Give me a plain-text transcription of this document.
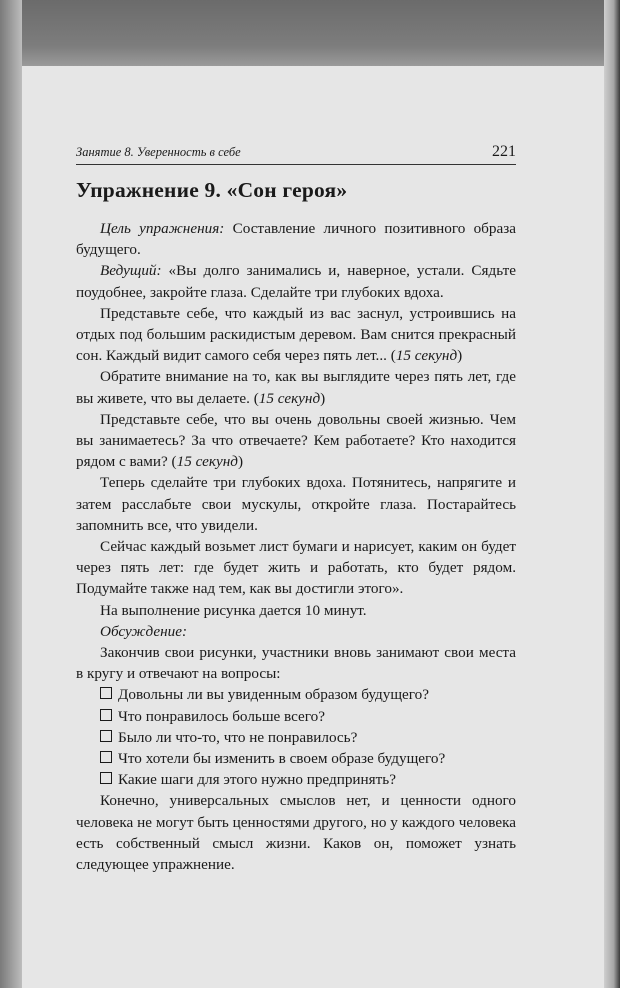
Занятие 8. Уверенность в себе	221
Упражнение 9. «Сон героя»

Цель упражнения: Составление личного позитивного образа будущего.

Ведущий: «Вы долго занимались и, наверное, устали. Сядьте поудобнее, закройте глаза. Сделайте три глубоких вдоха.

Представьте себе, что каждый из вас заснул, устроившись на отдых под большим раскидистым деревом. Вам снится прекрасный сон. Каждый видит самого себя через пять лет... (15 секунд)

Обратите внимание на то, как вы выглядите через пять лет, где вы живете, что вы делаете. (15 секунд)

Представьте себе, что вы очень довольны своей жизнью. Чем вы занимаетесь? За что отвечаете? Кем работаете? Кто находится рядом с вами? (15 секунд)

Теперь сделайте три глубоких вдоха. Потянитесь, напрягите и затем расслабьте свои мускулы, откройте глаза. Постарайтесь запомнить все, что увидели.

Сейчас каждый возьмет лист бумаги и нарисует, каким он будет через пять лет: где будет жить и работать, кто будет рядом. Подумайте также над тем, как вы достигли этого».

На выполнение рисунка дается 10 минут.

Обсуждение:

Закончив свои рисунки, участники вновь занимают свои места в кругу и отвечают на вопросы:

Довольны ли вы увиденным образом будущего?
Что понравилось больше всего?
Было ли что-то, что не понравилось?
Что хотели бы изменить в своем образе будущего?
Какие шаги для этого нужно предпринять?

Конечно, универсальных смыслов нет, и ценности одного человека не могут быть ценностями другого, но у каждого человека есть собственный смысл жизни. Каков он, поможет узнать следующее упражнение.
